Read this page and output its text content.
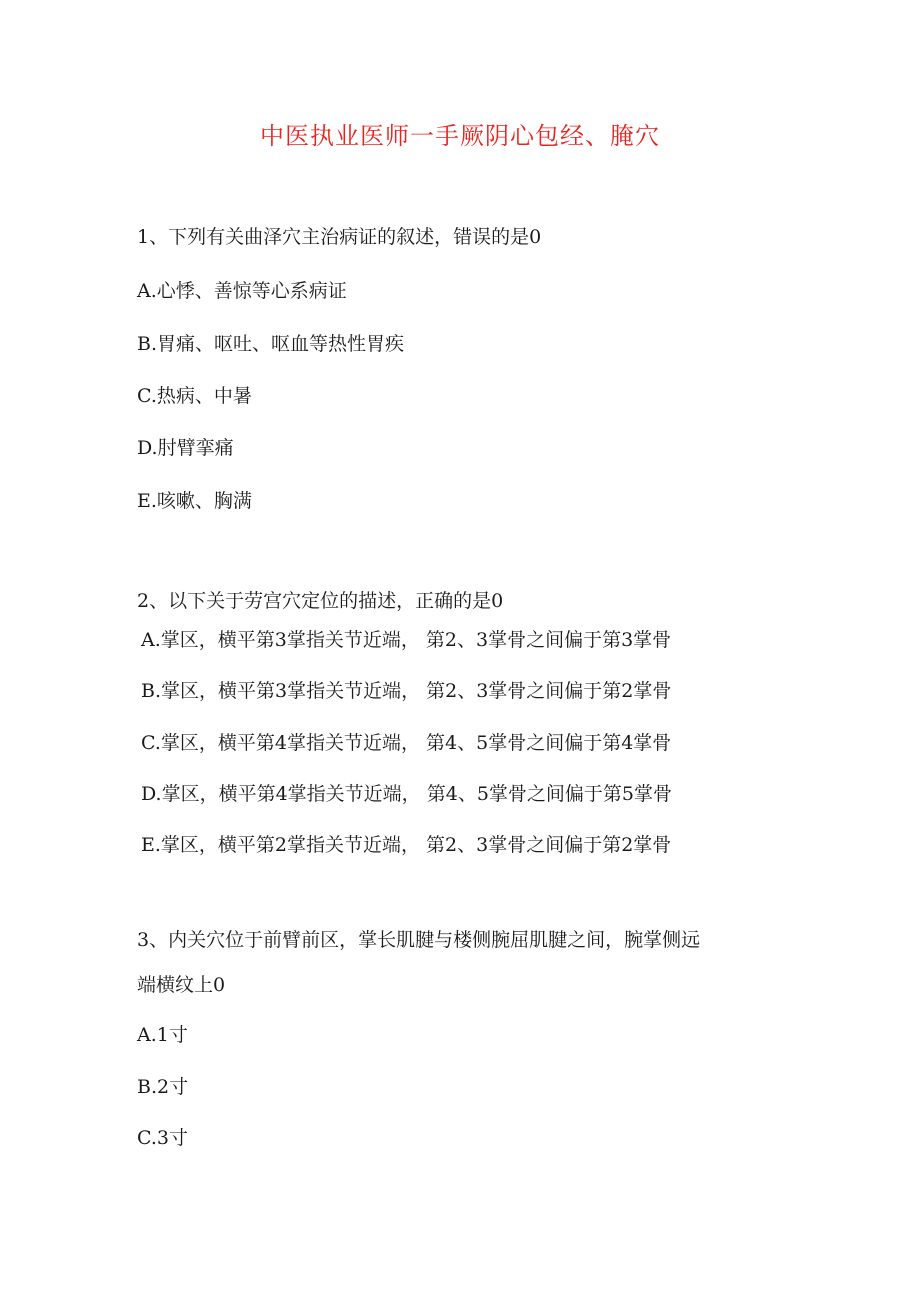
中医执业医师一手厥阴心包经、腌穴

1、下列有关曲泽穴主治病证的叙述，错误的是0

A.心悸、善惊等心系病证

B.胃痛、呕吐、呕血等热性胃疾

C.热病、中暑

D.肘臂挛痛

E.咳嗽、胸满

2、以下关于劳宫穴定位的描述，正确的是0

A.掌区，横平第3掌指关节近端， 第2、3掌骨之间偏于第3掌骨

B.掌区，横平第3掌指关节近端， 第2、3掌骨之间偏于第2掌骨

C.掌区，横平第4掌指关节近端， 第4、5掌骨之间偏于第4掌骨

D.掌区，横平第4掌指关节近端， 第4、5掌骨之间偏于第5掌骨

E.掌区，横平第2掌指关节近端， 第2、3掌骨之间偏于第2掌骨

3、内关穴位于前臂前区，掌长肌腱与楼侧腕屈肌腱之间，腕掌侧远

端横纹上0

A.1寸

B.2寸

C.3寸
